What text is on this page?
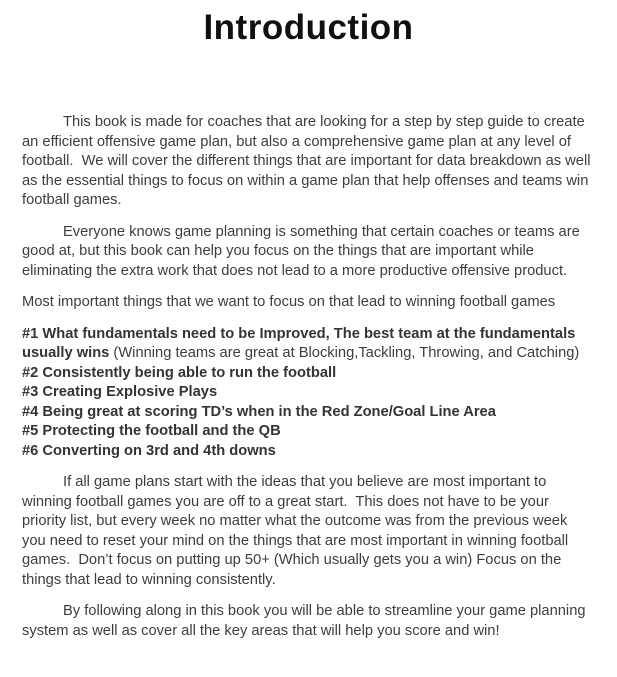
Introduction

This book is made for coaches that are looking for a step by step guide to create an efficient offensive game plan, but also a comprehensive game plan at any level of football.  We will cover the different things that are important for data breakdown as well as the essential things to focus on within a game plan that help offenses and teams win football games.

Everyone knows game planning is something that certain coaches or teams are good at, but this book can help you focus on the things that are important while eliminating the extra work that does not lead to a more productive offensive product.

Most important things that we want to focus on that lead to winning football games

#1 What fundamentals need to be Improved, The best team at the fundamentals usually wins (Winning teams are great at Blocking,Tackling, Throwing, and Catching)

#2 Consistently being able to run the football

#3 Creating Explosive Plays

#4 Being great at scoring TD’s when in the Red Zone/Goal Line Area

#5 Protecting the football and the QB

#6 Converting on 3rd and 4th downs

If all game plans start with the ideas that you believe are most important to winning football games you are off to a great start.  This does not have to be your priority list, but every week no matter what the outcome was from the previous week you need to reset your mind on the things that are most important in winning football games.  Don’t focus on putting up 50+ (Which usually gets you a win) Focus on the things that lead to winning consistently.

By following along in this book you will be able to streamline your game planning system as well as cover all the key areas that will help you score and win!
